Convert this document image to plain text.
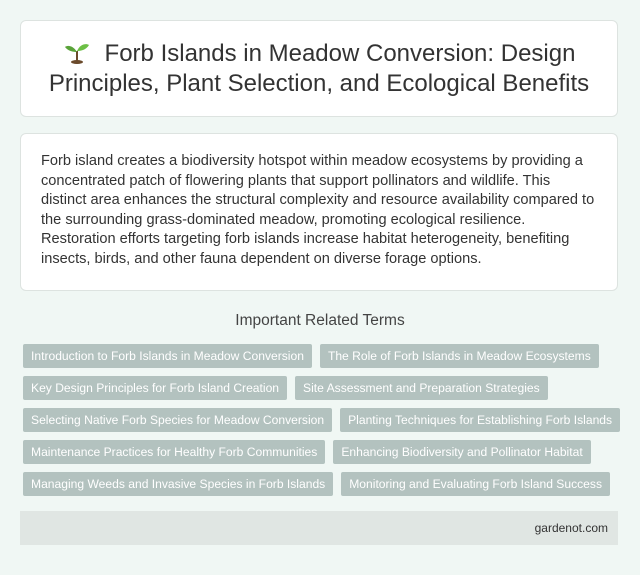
Forb Islands in Meadow Conversion: Design Principles, Plant Selection, and Ecological Benefits

Forb island creates a biodiversity hotspot within meadow ecosystems by providing a concentrated patch of flowering plants that support pollinators and wildlife. This distinct area enhances the structural complexity and resource availability compared to the surrounding grass-dominated meadow, promoting ecological resilience. Restoration efforts targeting forb islands increase habitat heterogeneity, benefiting insects, birds, and other fauna dependent on diverse forage options.

Important Related Terms
Introduction to Forb Islands in Meadow Conversion	The Role of Forb Islands in Meadow Ecosystems
Key Design Principles for Forb Island Creation	Site Assessment and Preparation Strategies
Selecting Native Forb Species for Meadow Conversion	Planting Techniques for Establishing Forb Islands
Maintenance Practices for Healthy Forb Communities	Enhancing Biodiversity and Pollinator Habitat
Managing Weeds and Invasive Species in Forb Islands	Monitoring and Evaluating Forb Island Success
gardenot.com
